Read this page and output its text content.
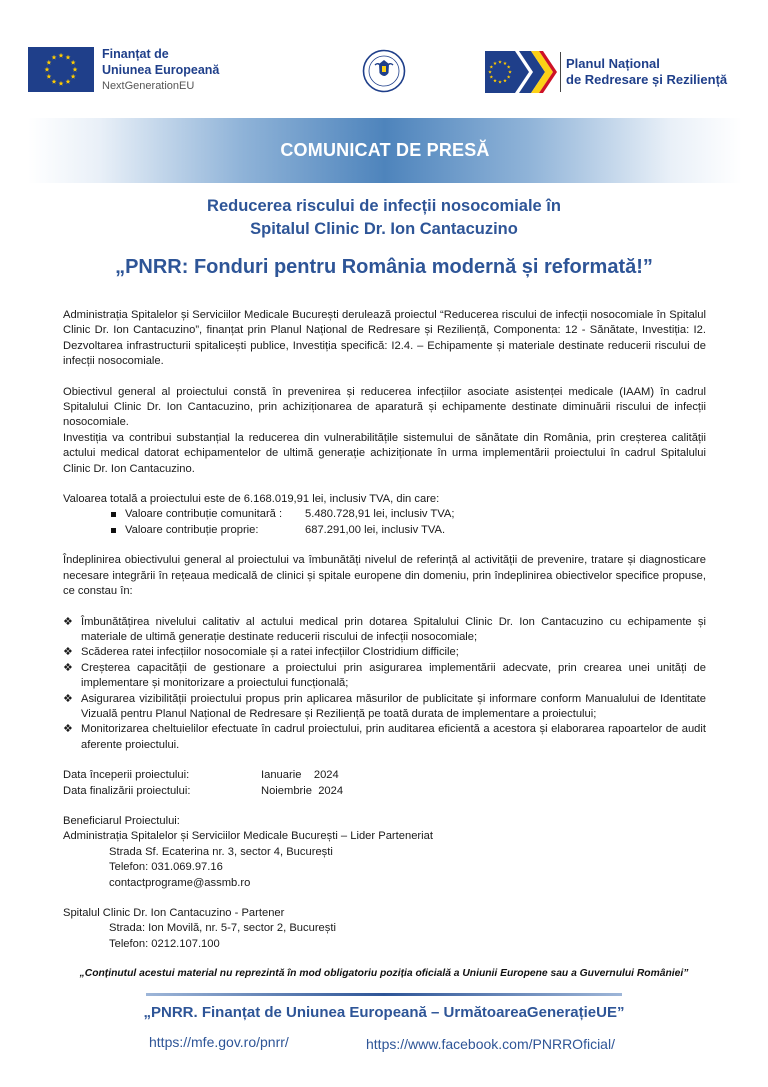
Finanțat de
Uniunea Europeană
NextGenerationEU
Planul Național
de Redresare și Reziliență
COMUNICAT DE PRESĂ
Reducerea riscului de infecții nosocomiale în
Spitalul Clinic Dr. Ion Cantacuzino
„PNRR: Fonduri pentru România modernă și reformată!”

Administrația Spitalelor și Serviciilor Medicale București derulează proiectul “Reducerea riscului de infecții nosocomiale în Spitalul Clinic Dr. Ion Cantacuzino”, finanțat prin Planul Național de Redresare și Reziliență, Componenta: 12 - Sănătate, Investiția: I2. Dezvoltarea infrastructurii spitalicești publice, Investiția specifică: I2.4. – Echipamente și materiale destinate reducerii riscului de infecții nosocomiale.

Obiectivul general al proiectului constă în prevenirea și reducerea infecțiilor asociate asistenței medicale (IAAM) în cadrul Spitalului Clinic Dr. Ion Cantacuzino, prin achiziționarea de aparatură și echipamente destinate diminuării riscului de infecții nosocomiale.

Investiția va contribui substanțial la reducerea din vulnerabilitățile sistemului de sănătate din România, prin creșterea calității actului medical datorat echipamentelor de ultimă generație achiziționate în urma implementării proiectului în cadrul Spitalului Clinic Dr. Ion Cantacuzino.

Valoarea totală a proiectului este de 6.168.019,91 lei, inclusiv TVA, din care:

Valoare contribuție comunitară : 5.480.728,91 lei, inclusiv TVA;
Valoare contribuție proprie:	687.291,00 lei, inclusiv TVA.

Îndeplinirea obiectivului general al proiectului va îmbunătăți nivelul de referință al activității de prevenire, tratare și diagnosticare necesare integrării în rețeaua medicală de clinici și spitale europene din domeniu, prin îndeplinirea obiectivelor specifice propuse, ce constau în:

❖ Îmbunătățirea nivelului calitativ al actului medical prin dotarea Spitalului Clinic Dr. Ion Cantacuzino cu echipamente și materiale de ultimă generație destinate reducerii riscului de infecții nosocomiale;
❖ Scăderea ratei infecțiilor nosocomiale și a ratei infecțiilor Clostridium difficile;
❖ Creșterea capacității de gestionare a proiectului prin asigurarea implementării adecvate, prin crearea unei unități de implementare și monitorizare a proiectului funcțională;
❖ Asigurarea vizibilității proiectului propus prin aplicarea măsurilor de publicitate și informare conform Manualului de Identitate Vizuală pentru Planul Național de Redresare și Reziliență pe toată durata de implementare a proiectului;
❖ Monitorizarea cheltuielilor efectuate în cadrul proiectului, prin auditarea eficientă a acestora și elaborarea rapoartelor de audit aferente proiectului.
Data începerii proiectului:	Ianuarie    2024
Data finalizării proiectului:	Noiembrie  2024
Beneficiarul Proiectului:
Administrația Spitalelor și Serviciilor Medicale București – Lider Parteneriat
Strada Sf. Ecaterina nr. 3, sector 4, București
Telefon: 031.069.97.16
contactprograme@assmb.ro
Spitalul Clinic Dr. Ion Cantacuzino - Partener
Strada: Ion Movilă, nr. 5-7, sector 2, București
Telefon: 0212.107.100
„Conținutul acestui material nu reprezintă în mod obligatoriu poziția oficială a Uniunii Europene sau a Guvernului României”
„PNRR. Finanțat de Uniunea Europeană – UrmătoareaGenerațieUE”
https://mfe.gov.ro/pnrr/	https://www.facebook.com/PNRROficial/
